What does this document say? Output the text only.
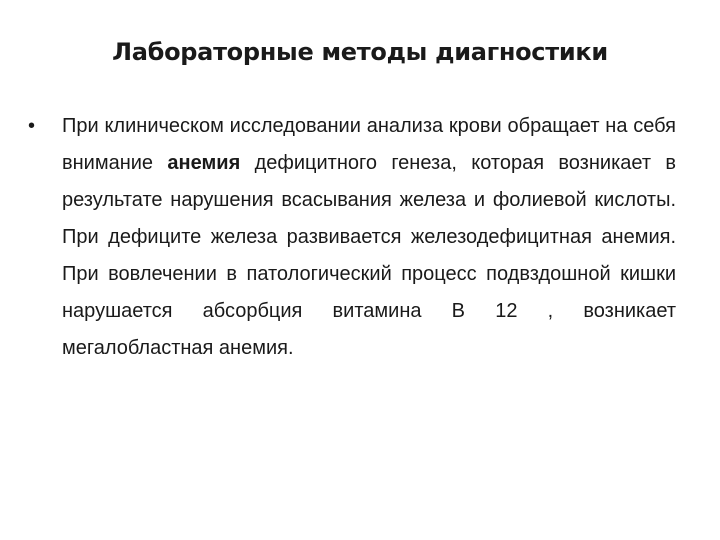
Лабораторные методы диагностики
•	При клиническом исследовании анализа крови обращает на себя внимание анемия дефицитного генеза, которая возникает в результате нарушения всасывания железа и фолиевой кислоты. При дефиците железа развивается железодефицитная анемия. При вовлечении в патологический процесс подвздошной кишки нарушается абсорбция витамина В 12 , возникает мегалобластная анемия.
